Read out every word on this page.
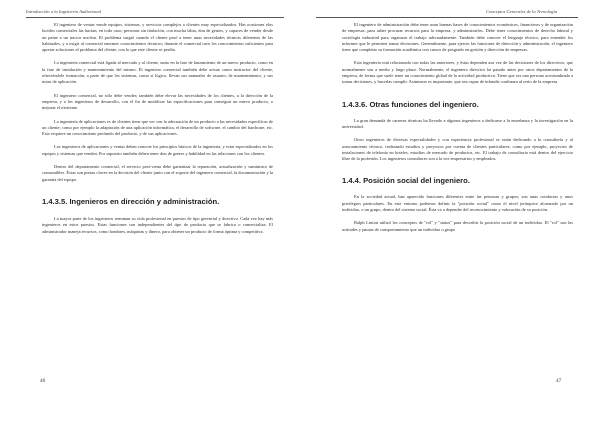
Introducción a la Ingeniería Audiovisual

El ingeniero de ventas vende equipos, sistemas, y servicios complejos a clientes muy especializados. Has ocasiones elos lucidos comerciales las hacían, en todo caso; personas sin titulación, con mucha labia, don de gentes, y capaces de vender desde un paine a un tractor nuclear. El problema surgió cuando el cliente pasó a tener unas necesidades técnicas diferentes de las habituales, y a exigir al comercial enormes conocimientos técnicos; durante el comercial tuvo los conocimientos suficientes para aportar soluciones al problema del cliente, con lo que este cliente se perdía.

La ingeniería comercial está ligada al mercado y al cliente, tanto en la fase de lanzamiento de un nuevo producto, como en la fase de instalación y mantenimiento del mismo. El ingeniero comercial también debe actuar como instructor del cliente, ofreciéndole formación, a parte de que los sistemas, como si lógico, llevan sus manuales de usuario, de mantenimiento, y sus notas de aplicación.

El ingeniero comercial, no sólo debe vender; también debe elevar las necesidades de los clientes, a la dirección de la empresa, y a los ingenieros de desarrollo, con el fin de modificar las especificaciones para conseguir un nuevo producto, o mejorar el existente.

La ingeniería de aplicaciones es de clientes tiene que ver con la adecuación de un producto a las necesidades específicas de un cliente; como por ejemplo la adaptación de una aplicación informática, el desarrollo de software, el cambio del hardware, etc. Esto requiere un conocimiento profundo del producto, y de sus aplicaciones.

Los ingenieros de aplicaciones y ventas deben conocer los principios básicos de la ingeniería, y estar especializados en los equipos y sistemas que venden. Por supuesto también deben tener don de gentes y habilidad en las relaciones con los clientes.

Dentro del departamento comercial, el servicio post-venta debe garantizar la reparación, actualización y suministro de consumibles. Éstas son piezas claves en la decisión del cliente junto con el soporte del ingeniero comercial, la documentación y la garantía del equipo.

1.4.3.5. Ingenieros en dirección y administración.

La mayor parte de los ingenieros terminan su vida profesional en puestos de tipo gerencial y directivo. Cada vez hay más ingenieros en estos puestos. Estas funciones son independientes del tipo de producto que se fabrica o comercializa. El administrador maneja recursos, como hombres, máquinas y dinero, para obtener un producto de forma óptima y competitiva.

46
Conceptos Generales de la Tecnología

El ingeniero de administración debe tener unas buenas bases de conocimientos económicos, financieros y de organización de empresas, para saber procurar recursos para la empresa, y administrarlos. Debe tener conocimientos de derecho laboral y sociología industrial para organizar el trabajo adecuadamente. También debe conocer el lenguaje técnico, para entender los informes que le permiten tomar decisiones. Generalmente, para ejercer las funciones de dirección y administración, el ingeniero tiene que completar su formación académica con cursos de posgrado en gestión y dirección de empresas.

Esta ingeniería está relacionada con todas las anteriores, y éstas dependen asu vez de las decisiones de los directivos, que normalmente son a medio y largo plazo. Normalmente, el ingeniero directivo ha pasado antes por otros departamentos de la empresa, de forma que suele tener un conocimiento global de la actividad productiva. Tiene que ser una persona acostumbrada a tomar decisiones, y hacerlas cumplir. Asimismo es importante, que sea capaz de infundir confianza al resto de la empresa.

1.4.3.6. Otras funciones del ingeniero.

La gran demanda de carreras técnicas ha llevado a algunos ingenieros a dedicarse a la enseñanza y la investigación en la universidad.

Otros ingenieros de diversas especialidades y con experiencia profesional se están dedicando a la consultoría y al asesoramiento técnico, realizando estudios y proyectos por cuenta de clientes particulares; como por ejemplo, proyectos de instalaciones de telefonía en hoteles, estudios de mercado de productos, etc. El trabajo de consultoría está dentro del ejercicio libre de la profesión. Los ingenieros consultores son a la vez empresarios y empleados.

1.4.4. Posición social del ingeniero.

En la sociedad actual, han aparecido funciones diferentes entre las personas y grupos; son unas conductas y unos privilegios particulares. En este entorno podemos definir la "posición social" como el nivel jerárquico alcanzado por un individuo, o un grupo, dentro del sistema social. Ésta va a depender del reconocimiento y valoración de su posición.

Ralph Linton utilizó los conceptos de "rol" y "status" para describir la posición social de un individuo. El "rol" son las actitudes y pautas de comportamiento que un individuo o grupo

47
